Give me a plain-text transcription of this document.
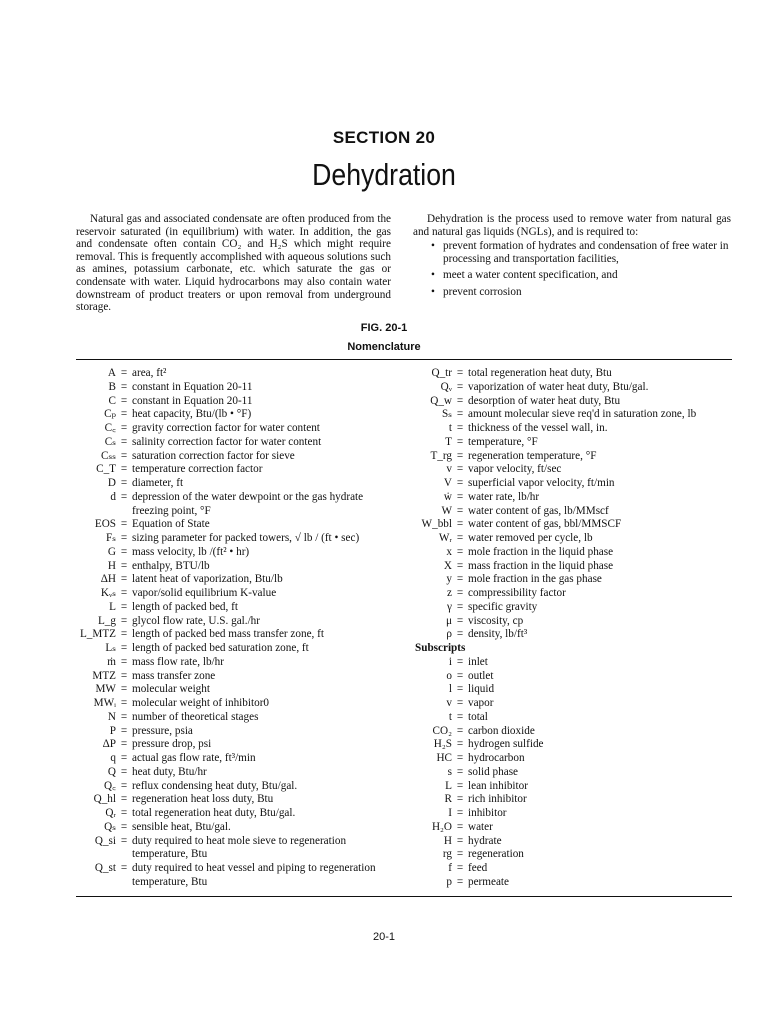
SECTION 20
Dehydration
Natural gas and associated condensate are often produced from the reservoir saturated (in equilibrium) with water. In addition, the gas and condensate often contain CO₂ and H₂S which might require removal. This is frequently accomplished with aqueous solutions such as amines, potassium carbonate, etc. which saturate the gas or condensate with water. Liquid hydrocarbons may also contain water downstream of product treaters or upon removal from underground storage.
Dehydration is the process used to remove water from natural gas and natural gas liquids (NGLs), and is required to:
• prevent formation of hydrates and condensation of free water in processing and transportation facilities,
• meet a water content specification, and
• prevent corrosion
FIG. 20-1
Nomenclature
A = area, ft²
B = constant in Equation 20-11
C = constant in Equation 20-11
Cₚ = heat capacity, Btu/(lb • °F)
C꜀ = gravity correction factor for water content
Cₛ = salinity correction factor for water content
Cₛₛ = saturation correction factor for sieve
C_T = temperature correction factor
D = diameter, ft
d = depression of the water dewpoint or the gas hydrate freezing point, °F
EOS = Equation of State
Fₛ = sizing parameter for packed towers, √ lb / (ft • sec)
G = mass velocity, lb /(ft² • hr)
H = enthalpy, BTU/lb
ΔH = latent heat of vaporization, Btu/lb
Kᵥₛ = vapor/solid equilibrium K-value
L = length of packed bed, ft
L_g = glycol flow rate, U.S. gal./hr
L_MTZ = length of packed bed mass transfer zone, ft
Lₛ = length of packed bed saturation zone, ft
ṁ = mass flow rate, lb/hr
MTZ = mass transfer zone
MW = molecular weight
MWᵢ = molecular weight of inhibitor0
N = number of theoretical stages
P = pressure, psia
ΔP = pressure drop, psi
q = actual gas flow rate, ft³/min
Q = heat duty, Btu/hr
Q꜀ = reflux condensing heat duty, Btu/gal.
Q_hl = regeneration heat loss duty, Btu
Qᵣ = total regeneration heat duty, Btu/gal.
Qₛ = sensible heat, Btu/gal.
Q_si = duty required to heat mole sieve to regeneration temperature, Btu
Q_st = duty required to heat vessel and piping to regeneration temperature, Btu
Q_tr = total regeneration heat duty, Btu
Qᵥ = vaporization of water heat duty, Btu/gal.
Q_w = desorption of water heat duty, Btu
Sₛ = amount molecular sieve req'd in saturation zone, lb
t = thickness of the vessel wall, in.
T = temperature, °F
T_rg = regeneration temperature, °F
v = vapor velocity, ft/sec
V = superficial vapor velocity, ft/min
ẇ = water rate, lb/hr
W = water content of gas, lb/MMscf
W_bbl = water content of gas, bbl/MMSCF
Wᵣ = water removed per cycle, lb
x = mole fraction in the liquid phase
X = mass fraction in the liquid phase
y = mole fraction in the gas phase
z = compressibility factor
γ = specific gravity
μ = viscosity, cp
ρ = density, lb/ft³
Subscripts
i = inlet
o = outlet
l = liquid
v = vapor
t = total
CO₂ = carbon dioxide
H₂S = hydrogen sulfide
HC = hydrocarbon
s = solid phase
L = lean inhibitor
R = rich inhibitor
I = inhibitor
H₂O = water
H = hydrate
rg = regeneration
f = feed
p = permeate
20-1
